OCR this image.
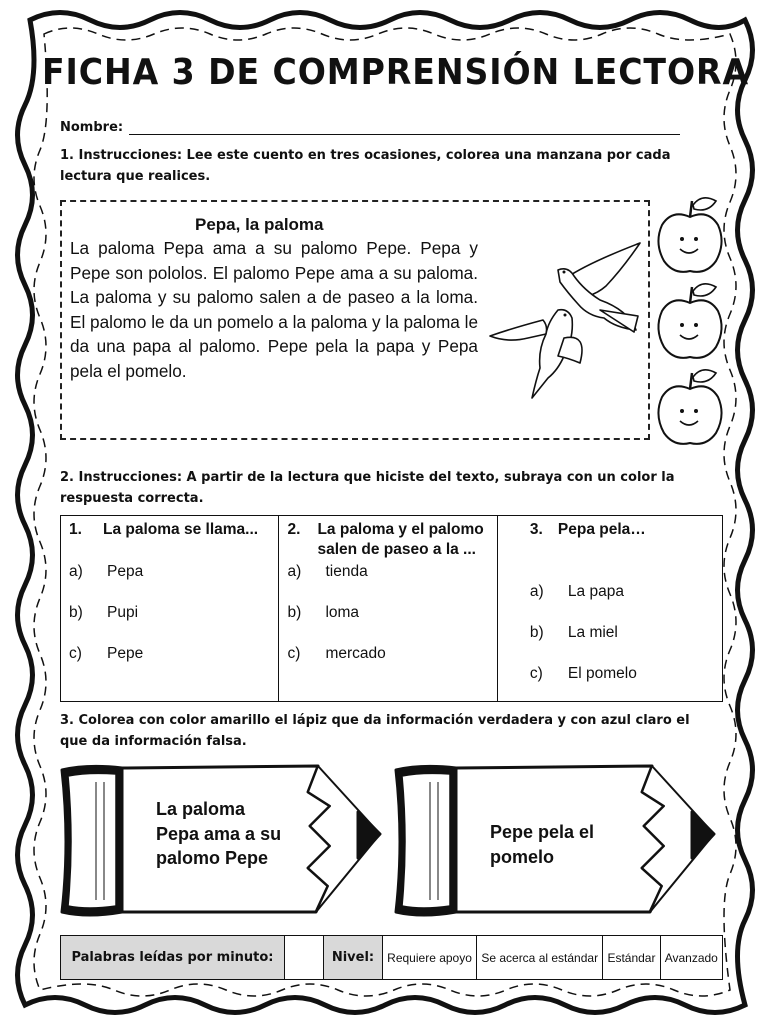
FICHA 3 DE COMPRENSIÓN LECTORA
Nombre:
1. Instrucciones: Lee este cuento en tres ocasiones, colorea una manzana por cada lectura que realices.
Pepa, la paloma
La paloma Pepa ama a su palomo Pepe. Pepa y Pepe son pololos. El palomo Pepe ama a su paloma. La paloma y su palomo salen a de paseo a la loma. El palomo le da un pomelo a la paloma y la paloma le da una papa al palomo. Pepe pela la papa y Pepa pela el pomelo.
2. Instrucciones: A partir de la lectura que hiciste del texto, subraya con un color la respuesta correcta.
1.	La paloma se llama...
a)	Pepa
b)	Pupi
c)	Pepe

2.	La paloma y el palomo salen de paseo a la ...
a)	tienda
b)	loma
c)	mercado

3. Pepa pela…
a)	La papa
b)	La miel
c)	El pomelo
3. Colorea con color amarillo el lápiz que da información verdadera y con azul claro el que da información falsa.
La paloma Pepa ama a su palomo Pepe
Pepe pela el pomelo
Palabras leídas por minuto:		Nivel:	Requiere apoyo	Se acerca al estándar	Estándar	Avanzado
